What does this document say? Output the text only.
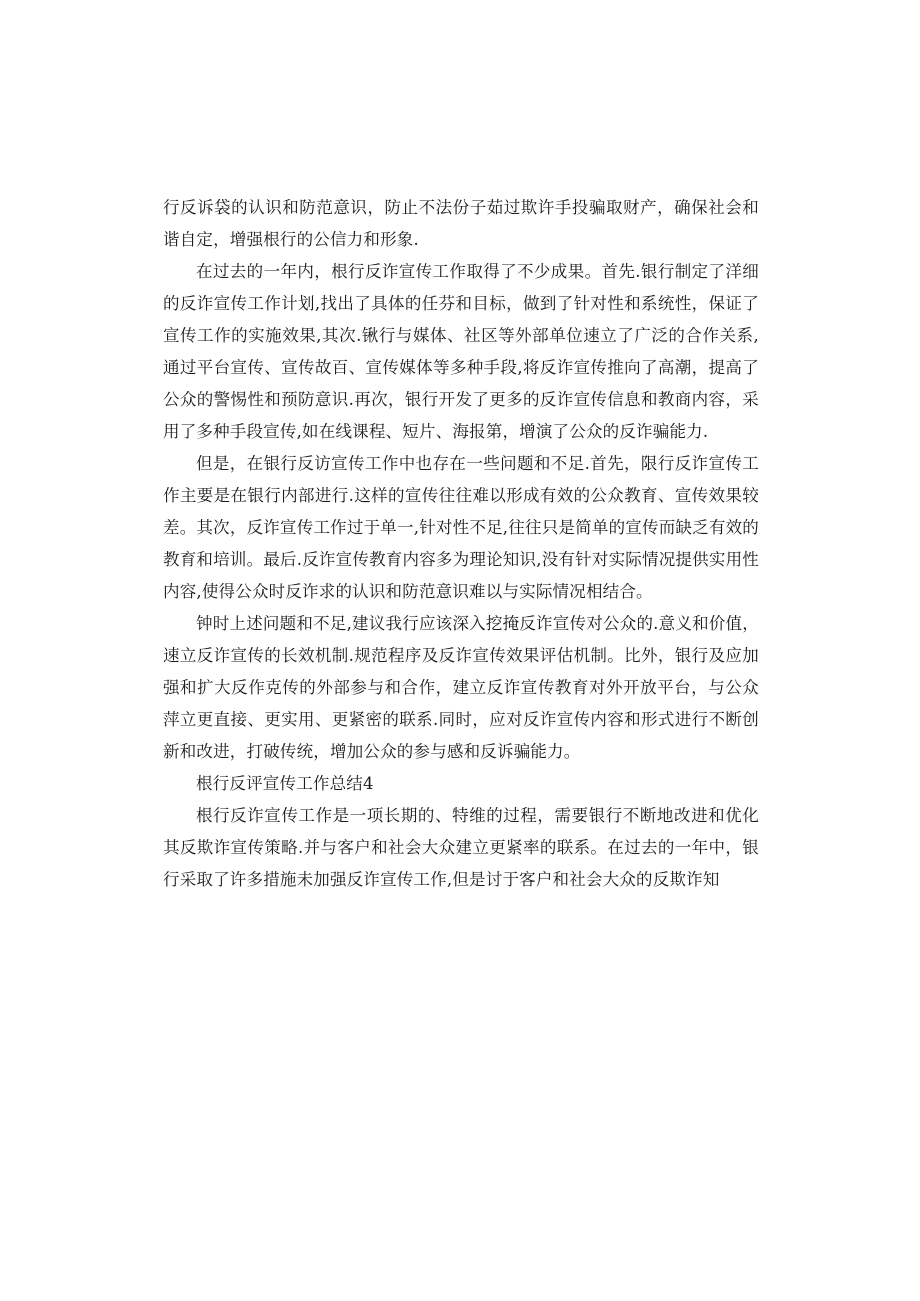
行反诉袋的认识和防范意识，防止不法份子茹过欺许手投骗取财产，确保社会和谐自定，增强根行的公信力和形象.

在过去的一年内，根行反诈宣传工作取得了不少成果。首先.银行制定了洋细的反诈宣传工作计划,找出了具体的任芬和目标，做到了针对性和系统性，保证了宣传工作的实施效果,其次.锹行与媒体、社区等外部单位速立了广泛的合作关系,通过平台宣传、宣传故百、宣传媒体等多种手段,将反诈宣传推向了高潮，提高了公众的警惕性和预防意识.再次，银行开发了更多的反诈宣传信息和教商内容，采用了多种手段宣传,如在线课程、短片、海报第，增演了公众的反诈骗能力.

但是，在银行反访宣传工作中也存在一些问题和不足.首先，限行反诈宣传工作主要是在银行内部进行.这样的宣传往往难以形成有效的公众教育、宣传效果较差。其次，反诈宣传工作过于单一,针对性不足,往往只是简单的宣传而缺乏有效的教育和培训。最后.反诈宣传教育内容多为理论知识,没有针对实际情况提供实用性内容,使得公众时反诈求的认识和防范意识难以与实际情况相结合。

钟时上述问题和不足,建议我行应该深入挖掩反诈宣传对公众的.意义和价值，速立反诈宣传的长效机制.规范程序及反诈宣传效果评估机制。比外，银行及应加强和扩大反作克传的外部参与和合作，建立反诈宣传教育对外开放平台，与公众萍立更直接、更实用、更紧密的联系.同时，应对反诈宣传内容和形式进行不断创新和改进，打破传统，增加公众的参与感和反诉骗能力。

根行反评宣传工作总结4

根行反诈宣传工作是一项长期的、特维的过程，需要银行不断地改进和优化其反欺诈宣传策略.并与客户和社会大众建立更紧率的联系。在过去的一年中，银行采取了许多措施未加强反诈宣传工作,但是讨于客户和社会大众的反欺诈知
